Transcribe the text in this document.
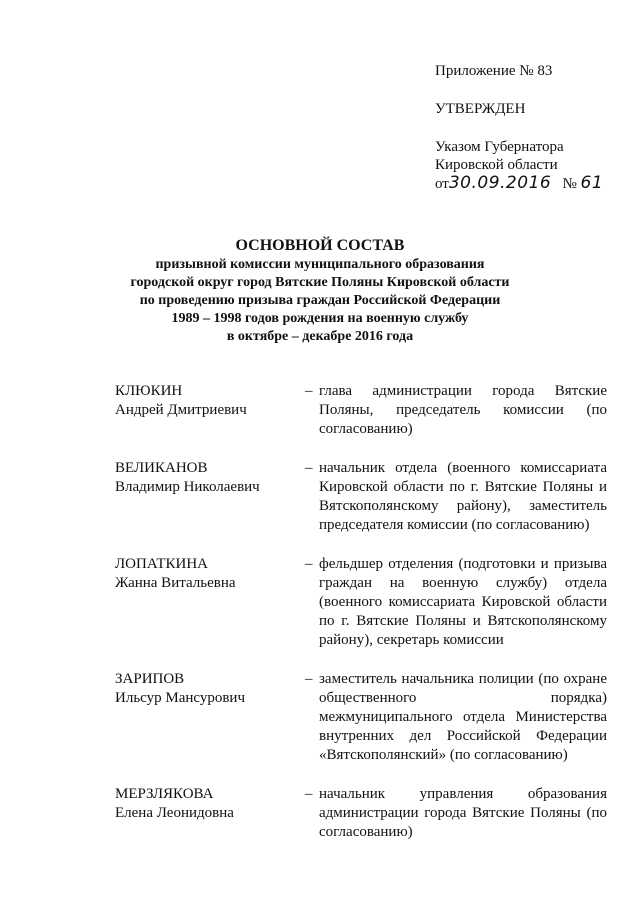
Приложение № 83
УТВЕРЖДЕН
Указом Губернатора
Кировской области
от30.09.2016 № 61
ОСНОВНОЙ СОСТАВ
призывной комиссии муниципального образования
городской округ город Вятские Поляны Кировской области
по проведению призыва граждан Российской Федерации
1989 – 1998 годов рождения на военную службу
в октябре – декабре 2016 года
КЛЮКИН
Андрей Дмитриевич
– глава администрации города Вятские Поляны, председатель комиссии (по согласованию)
ВЕЛИКАНОВ
Владимир Николаевич
– начальник отдела (военного комиссариата Кировской области по г. Вятские Поляны и Вятскополянскому району), заместитель председателя комиссии (по согласованию)
ЛОПАТКИНА
Жанна Витальевна
– фельдшер отделения (подготовки и призыва граждан на военную службу) отдела (военного комиссариата Кировской области по г. Вятские Поляны и Вятскополянскому району), секретарь комиссии
ЗАРИПОВ
Ильсур Мансурович
– заместитель начальника полиции (по охране общественного порядка) межмуниципального отдела Министерства внутренних дел Российской Федерации «Вятскополянский» (по согласованию)
МЕРЗЛЯКОВА
Елена Леонидовна
– начальник управления образования администрации города Вятские Поляны (по согласованию)
